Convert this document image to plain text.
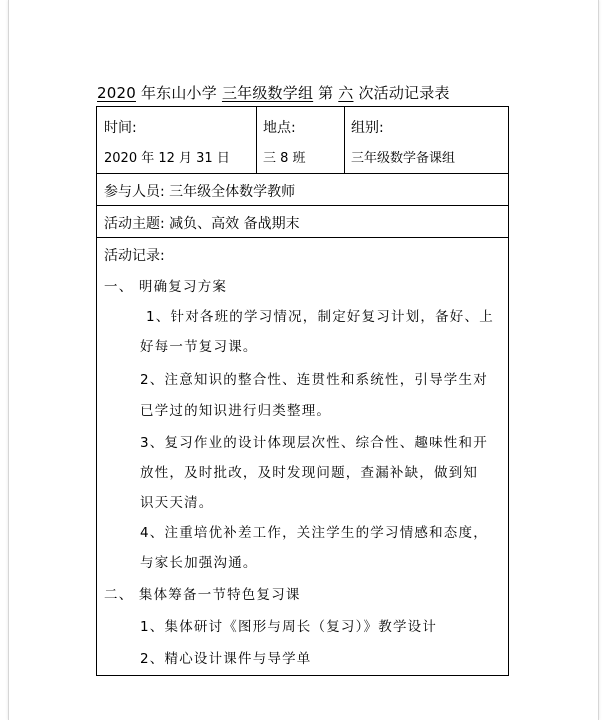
2020 年东山小学 三年级数学组 第 六 次活动记录表
时间:
2020 年 12 月 31 日
地点:
三 8 班
组别:
三年级数学备课组
参与人员: 三年级全体数学教师
活动主题: 减负、高效 备战期末
活动记录:
一、 明确复习方案
1、针对各班的学习情况，制定好复习计划，备好、上
好每一节复习课。
2、注意知识的整合性、连贯性和系统性，引导学生对
已学过的知识进行归类整理。
3、复习作业的设计体现层次性、综合性、趣味性和开
放性，及时批改，及时发现问题，查漏补缺，做到知
识天天清。
4、注重培优补差工作，关注学生的学习情感和态度，
与家长加强沟通。
二、 集体筹备一节特色复习课
1、集体研讨《图形与周长（复习）》教学设计
2、精心设计课件与导学单
